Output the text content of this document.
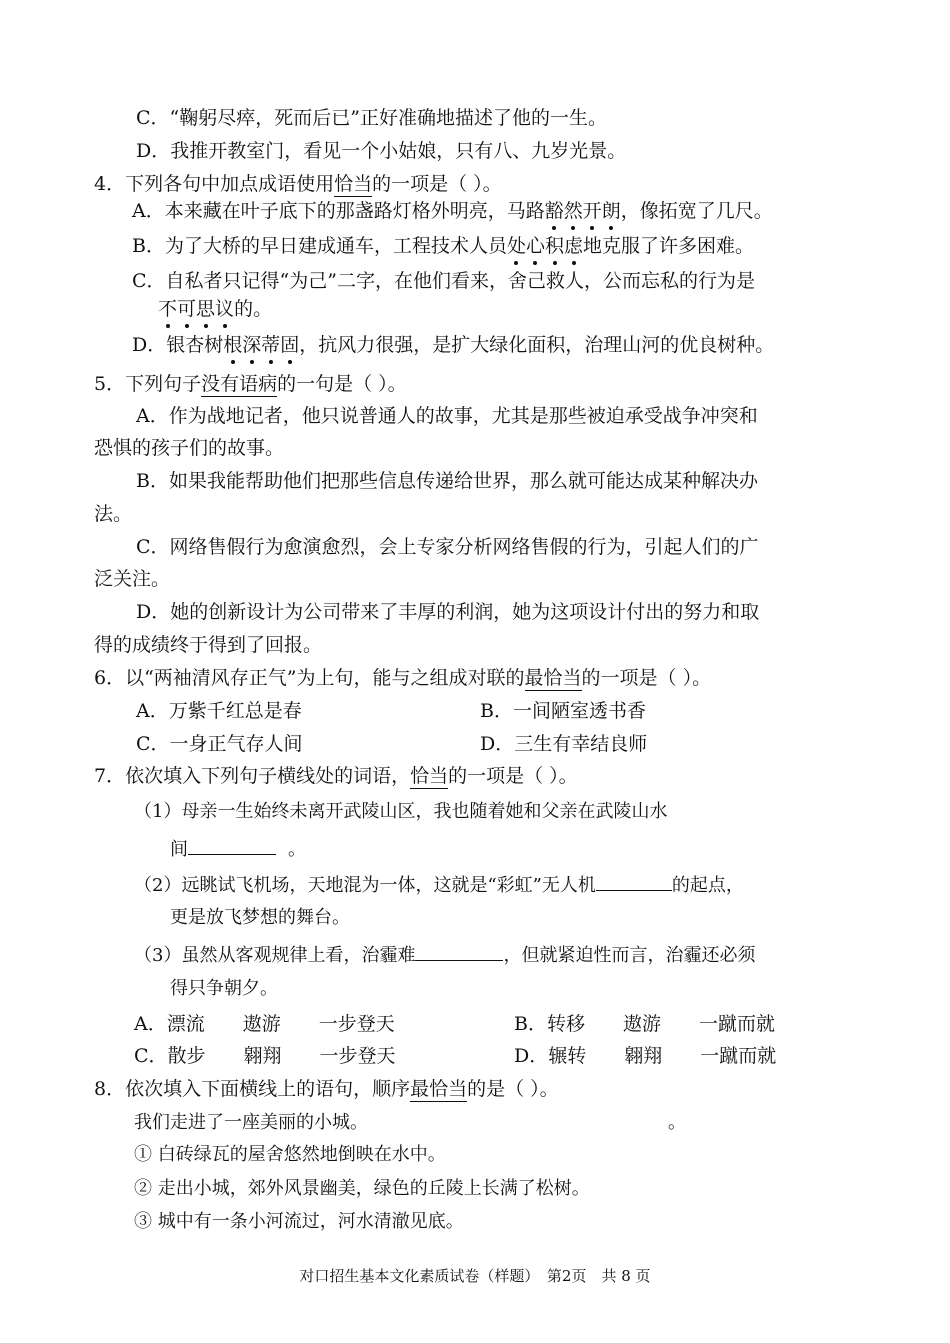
C．“鞠躬尽瘁，死而后已”正好准确地描述了他的一生。
D．我推开教室门，看见一个小姑娘，只有八、九岁光景。
4．下列各句中加点成语使用恰当的一项是（ ）。
A．本来藏在叶子底下的那盏路灯格外明亮，马路豁然开朗，像拓宽了几尺。
B．为了大桥的早日建成通车，工程技术人员处心积虑地克服了许多困难。
C．自私者只记得“为己”二字，在他们看来，舍己救人，公而忘私的行为是
不可思议的。
D．银杏树根深蒂固，抗风力很强，是扩大绿化面积，治理山河的优良树种。
5．下列句子没有语病的一句是（ ）。
A．作为战地记者，他只说普通人的故事，尤其是那些被迫承受战争冲突和
恐惧的孩子们的故事。
B．如果我能帮助他们把那些信息传递给世界，那么就可能达成某种解决办
法。
C．网络售假行为愈演愈烈，会上专家分析网络售假的行为，引起人们的广
泛关注。
D．她的创新设计为公司带来了丰厚的利润，她为这项设计付出的努力和取
得的成绩终于得到了回报。
6．以“两袖清风存正气”为上句，能与之组成对联的最恰当的一项是（ ）。
A．万紫千红总是春	B．一间陋室透书香
C．一身正气存人间	D．三生有幸结良师
7．依次填入下列句子横线处的词语，恰当的一项是（ ）。
（1）母亲一生始终未离开武陵山区，我也随着她和父亲在武陵山水
间	。
（2）远眺试飞机场，天地混为一体，这就是“彩虹”无人机	的起点，
更是放飞梦想的舞台。
（3）虽然从客观规律上看，治霾难	，但就紧迫性而言，治霾还必须
得只争朝夕。
A．漂流　　遨游　　一步登天	B．转移　　遨游　　一蹴而就
C．散步　　翱翔　　一步登天	D．辗转　　翱翔　　一蹴而就
8．依次填入下面横线上的语句，顺序最恰当的是（ ）。
我们走进了一座美丽的小城。	。
① 白砖绿瓦的屋舍悠然地倒映在水中。
② 走出小城，郊外风景幽美，绿色的丘陵上长满了松树。
③ 城中有一条小河流过，河水清澈见底。
对口招生基本文化素质试卷（样题）　第2页　共 8 页
